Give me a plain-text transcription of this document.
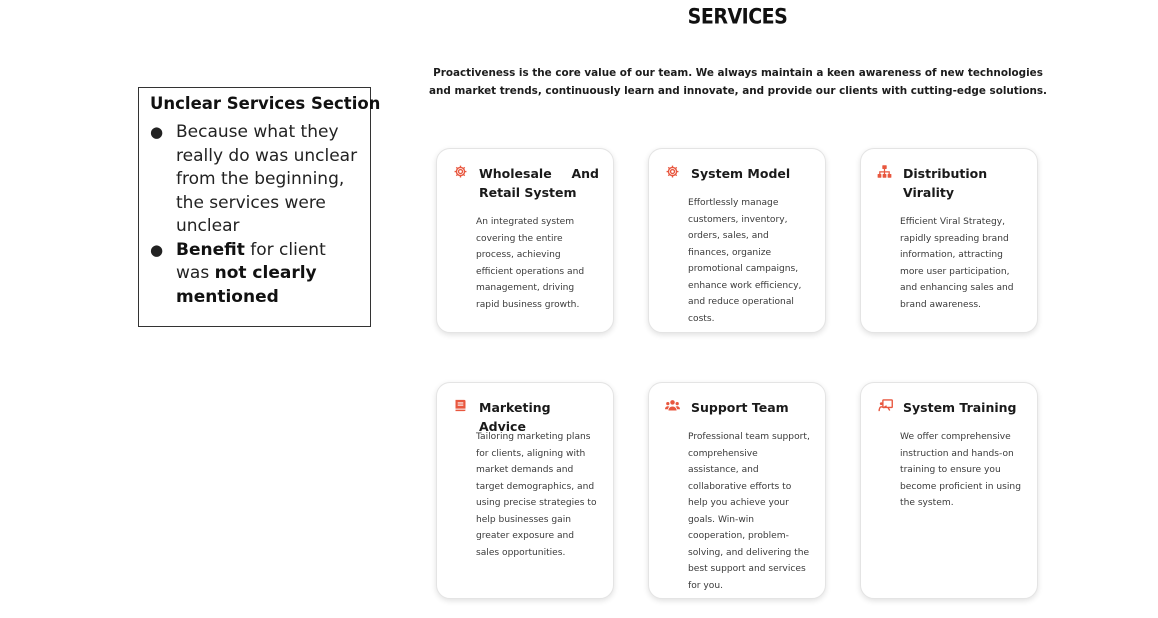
SERVICES
Proactiveness is the core value of our team. We always maintain a keen awareness of new technologies and market trends, continuously learn and innovate, and provide our clients with cutting-edge solutions.
Unclear Services Section
● Because what they really do was unclear from the beginning, the services were unclear
● Benefit for client was not clearly mentioned
Wholesale And Retail System
An integrated system covering the entire process, achieving efficient operations and management, driving rapid business growth.
System Model
Effortlessly manage customers, inventory, orders, sales, and finances, organize promotional campaigns, enhance work efficiency, and reduce operational costs.
Distribution Virality
Efficient Viral Strategy, rapidly spreading brand information, attracting more user participation, and enhancing sales and brand awareness.
Marketing Advice
Tailoring marketing plans for clients, aligning with market demands and target demographics, and using precise strategies to help businesses gain greater exposure and sales opportunities.
Support Team
Professional team support, comprehensive assistance, and collaborative efforts to help you achieve your goals. Win-win cooperation, problem-solving, and delivering the best support and services for you.
System Training
We offer comprehensive instruction and hands-on training to ensure you become proficient in using the system.
